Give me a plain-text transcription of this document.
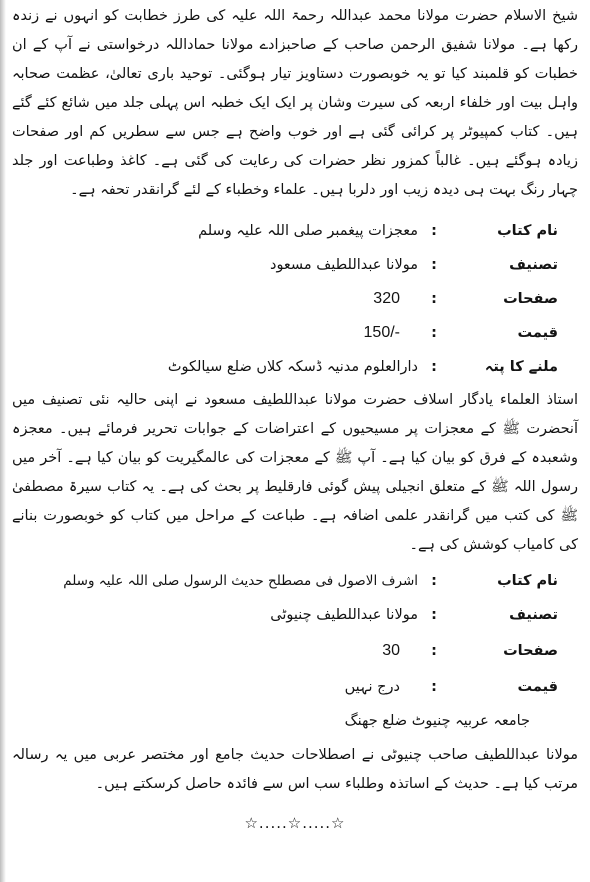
شیخ الاسلام حضرت مولانا محمد عبداللہ رحمۃ اللہ علیہ کی طرز خطابت کو انہوں نے زندہ رکھا ہے۔ مولانا شفیق الرحمن صاحب کے صاحبزادے مولانا حماداللہ درخواستی نے آپ کے ان خطبات کو قلمبند کیا تو یہ خوبصورت دستاویز تیار ہوگئی۔ توحید باری تعالیٰ، عظمت صحابہ واہل بیت اور خلفاء اربعہ کی سیرت وشان پر ایک ایک خطبہ اس پہلی جلد میں شائع کئے گئے ہیں۔ کتاب کمپیوٹر پر کرائی گئی ہے اور خوب واضح ہے جس سے سطریں کم اور صفحات زیادہ ہوگئے ہیں۔ غالباً کمزور نظر حضرات کی رعایت کی گئی ہے۔ کاغذ وطباعت اور جلد چہار رنگ بہت ہی دیدہ زیب اور دلربا ہیں۔ علماء وخطباء کے لئے گرانقدر تحفہ ہے۔
نام کتاب
:
معجزات پیغمبر صلی اللہ علیہ وسلم
تصنیف
:
مولانا عبداللطیف مسعود
صفحات
:
320
قیمت
:
150/-
ملنے کا پتہ
:
دارالعلوم مدنیہ ڈسکہ کلاں ضلع سیالکوٹ
استاذ العلماء یادگار اسلاف حضرت مولانا عبداللطیف مسعود نے اپنی حالیہ نئی تصنیف میں آنحضرت ﷺ کے معجزات پر مسیحیوں کے اعتراضات کے جوابات تحریر فرمائے ہیں۔ معجزہ وشعبدہ کے فرق کو بیان کیا ہے۔ آپ ﷺ کے معجزات کی عالمگیریت کو بیان کیا ہے۔ آخر میں رسول اللہ ﷺ کے متعلق انجیلی پیش گوئی فارقلیط پر بحث کی ہے۔ یہ کتاب سیرۃ مصطفیٰ ﷺ کی کتب میں گرانقدر علمی اضافہ ہے۔ طباعت کے مراحل میں کتاب کو خوبصورت بنانے کی کامیاب کوشش کی ہے۔
نام کتاب
:
اشرف الاصول فی مصطلح حدیث الرسول صلی اللہ علیہ وسلم
تصنیف
:
مولانا عبداللطیف چنیوٹی
صفحات
:
30
قیمت
:
درج نہیں
جامعہ عربیہ چنیوٹ ضلع جھنگ
مولانا عبداللطیف صاحب چنیوٹی نے اصطلاحات حدیث جامع اور مختصر عربی میں یہ رسالہ مرتب کیا ہے۔ حدیث کے اساتذہ وطلباء سب اس سے فائدہ حاصل کرسکتے ہیں۔
☆.....☆.....☆
